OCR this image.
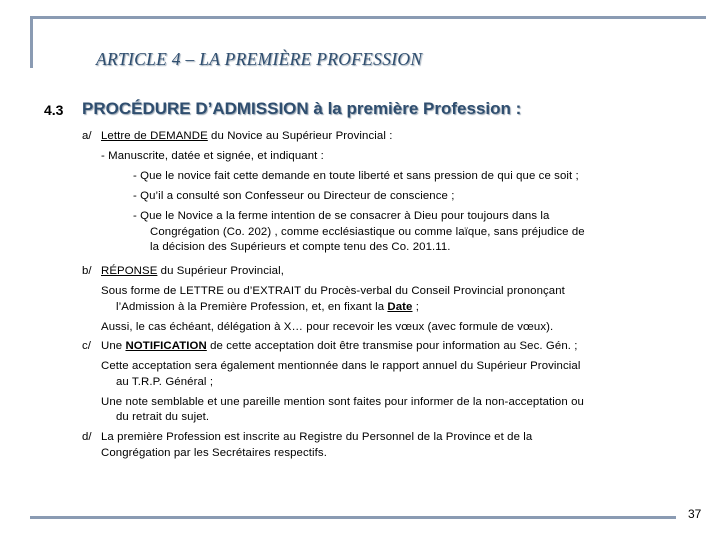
ARTICLE 4 – LA PREMIÈRE PROFESSION
4.3 PROCÉDURE D’ADMISSION à la première Profession :
a/ Lettre de DEMANDE du Novice au Supérieur Provincial :
- Manuscrite, datée et signée, et indiquant :
- Que le novice fait cette demande en toute liberté et sans pression de qui que ce soit ;
- Qu’il a consulté son Confesseur ou Directeur de conscience ;
- Que le Novice a la ferme intention de se consacrer à Dieu pour toujours dans la
Congrégation (Co. 202) , comme ecclésiastique ou comme laïque, sans préjudice de
la décision des Supérieurs et compte tenu des Co. 201.11.
b/ RÉPONSE du Supérieur Provincial,
Sous forme de LETTRE ou d’EXTRAIT du Procès-verbal du Conseil Provincial prononçant
l’Admission à la Première Profession, et, en fixant la Date ;
Aussi, le cas échéant, délégation à X… pour recevoir les vœux (avec formule de vœux).
c/ Une NOTIFICATION de cette acceptation doit être transmise pour information au Sec. Gén. ;
Cette acceptation sera également mentionnée dans le rapport annuel du Supérieur Provincial
au T.R.P. Général ;
Une note semblable et une pareille mention sont faites pour informer de la non-acceptation ou
du retrait du sujet.
d/ La première Profession est inscrite au Registre du Personnel de la Province et de la
Congrégation par les Secrétaires respectifs.
37
